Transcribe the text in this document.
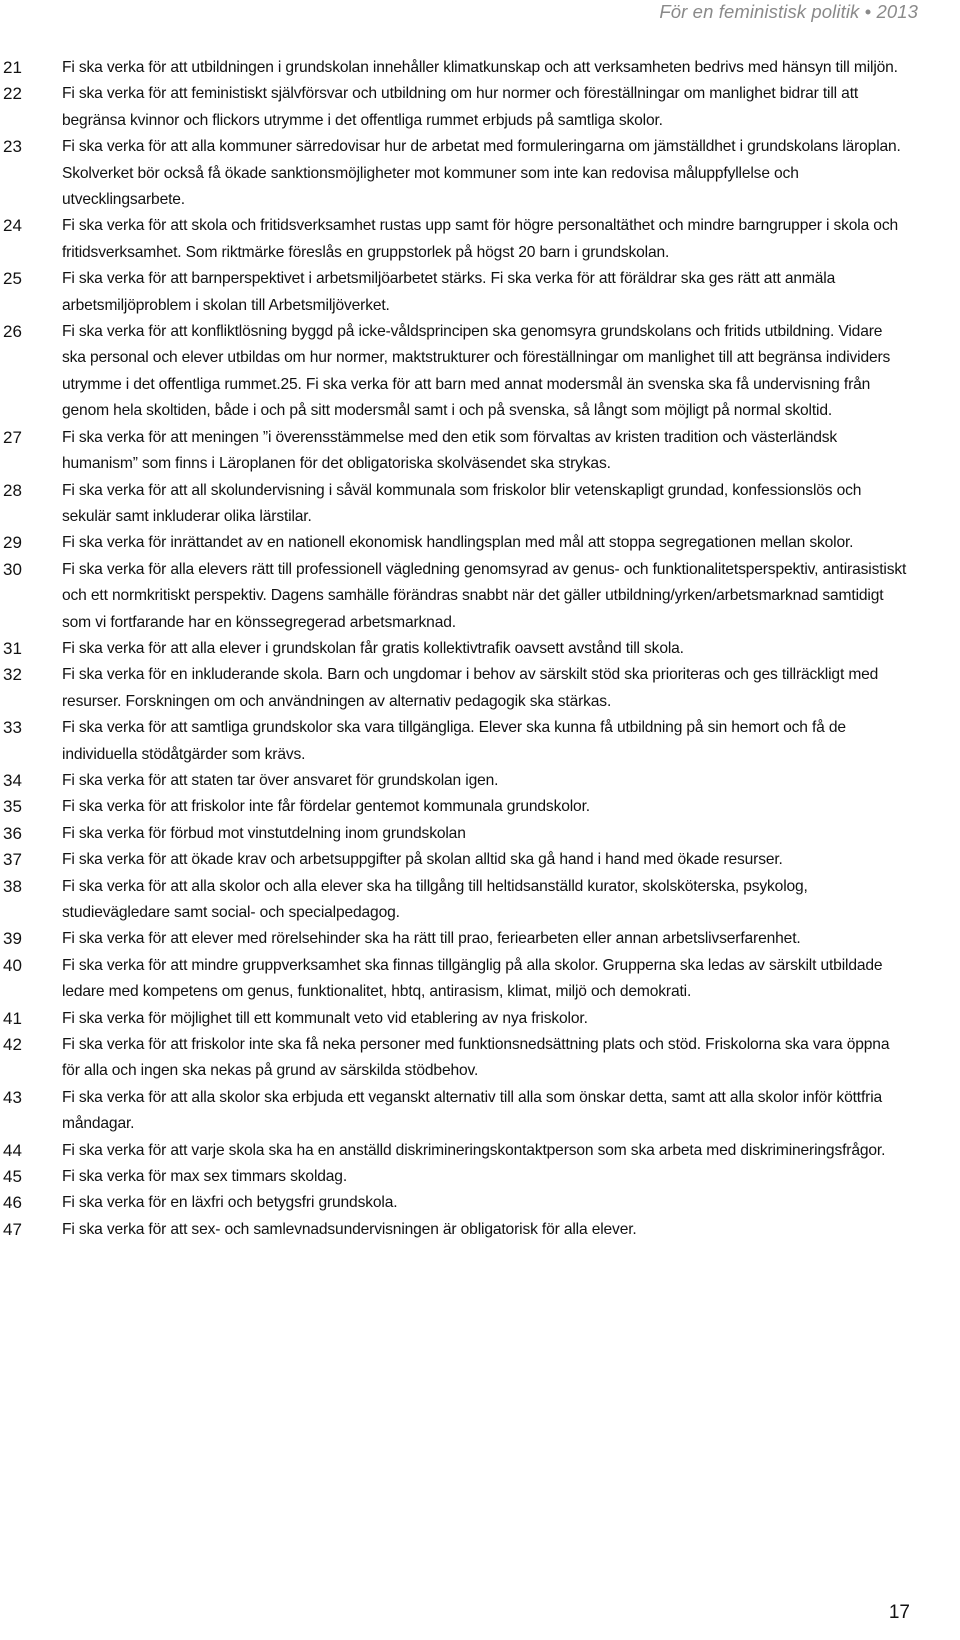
För en feministisk politik • 2013
21	Fi ska verka för att utbildningen i grundskolan innehåller klimatkunskap och att verksamheten bedrivs med hänsyn till miljön.
22	Fi ska verka för att feministiskt självförsvar och utbildning om hur normer och föreställningar om manlighet bidrar till att begränsa kvinnor och flickors utrymme i det offentliga rummet erbjuds på samtliga skolor.
23	Fi ska verka för att alla kommuner särredovisar hur de arbetat med formuleringarna om jämställdhet i grundskolans läroplan. Skolverket bör också få ökade sanktionsmöjligheter mot kommuner som inte kan redovisa måluppfyllelse och utvecklingsarbete.
24	Fi ska verka för att skola och fritidsverksamhet rustas upp samt för högre personaltäthet och mindre barngrupper i skola och fritidsverksamhet. Som riktmärke föreslås en gruppstorlek på högst 20 barn i grundskolan.
25	Fi ska verka för att barnperspektivet i arbetsmiljöarbetet stärks. Fi ska verka för att föräldrar ska ges rätt att anmäla arbetsmiljöproblem i skolan till Arbetsmiljöverket.
26	Fi ska verka för att konfliktlösning byggd på icke-våldsprincipen ska genomsyra grundskolans och fritids utbildning. Vidare ska personal och elever utbildas om hur normer, maktstrukturer och föreställningar om manlighet till att begränsa individers utrymme i det offentliga rummet.25. Fi ska verka för att barn med annat modersmål än svenska ska få undervisning från genom hela skoltiden, både i och på sitt modersmål samt i och på svenska, så långt som möjligt på normal skoltid.
27	Fi ska verka för att meningen ”i överensstämmelse med den etik som förvaltas av kristen tradition och västerländsk humanism” som finns i Läroplanen för det obligatoriska skolväsendet ska strykas.
28	Fi ska verka för att all skolundervisning i såväl kommunala som friskolor blir vetenskapligt grundad, konfessionslös och sekulär samt inkluderar olika lärstilar.
29	Fi ska verka för inrättandet av en nationell ekonomisk handlingsplan med mål att stoppa segregationen mellan skolor.
30	Fi ska verka för alla elevers rätt till professionell vägledning genomsyrad av genus- och funktionalitetsperspektiv, antirasistiskt och ett normkritiskt perspektiv. Dagens samhälle förändras snabbt när det gäller utbildning/yrken/arbetsmarknad samtidigt som vi fortfarande har en könssegregerad arbetsmarknad.
31	Fi ska verka för att alla elever i grundskolan får gratis kollektivtrafik oavsett avstånd till skola.
32	Fi ska verka för en inkluderande skola. Barn och ungdomar i behov av särskilt stöd ska prioriteras och ges tillräckligt med resurser. Forskningen om och användningen av alternativ pedagogik ska stärkas.
33	Fi ska verka för att samtliga grundskolor ska vara tillgängliga. Elever ska kunna få utbildning på sin hemort och få de individuella stödåtgärder som krävs.
34	Fi ska verka för att staten tar över ansvaret för grundskolan igen.
35	Fi ska verka för att friskolor inte får fördelar gentemot kommunala grundskolor.
36	Fi ska verka för förbud mot vinstutdelning inom grundskolan
37	Fi ska verka för att ökade krav och arbetsuppgifter på skolan alltid ska gå hand i hand med ökade resurser.
38	Fi ska verka för att alla skolor och alla elever ska ha tillgång till heltidsanställd kurator, skolsköterska, psykolog, studievägledare samt social- och specialpedagog.
39	Fi ska verka för att elever med rörelsehinder ska ha rätt till prao, feriearbeten eller annan arbetslivserfarenhet.
40	Fi ska verka för att mindre gruppverksamhet ska finnas tillgänglig på alla skolor. Grupperna ska ledas av särskilt utbildade ledare med kompetens om genus, funktionalitet, hbtq, antirasism, klimat, miljö och demokrati.
41	Fi ska verka för möjlighet till ett kommunalt veto vid etablering av nya friskolor.
42	Fi ska verka för att friskolor inte ska få neka personer med funktionsnedsättning plats och stöd. Friskolorna ska vara öppna för alla och ingen ska nekas på grund av särskilda stödbehov.
43	Fi ska verka för att alla skolor ska erbjuda ett veganskt alternativ till alla som önskar detta, samt att alla skolor inför köttfria måndagar.
44	Fi ska verka för att varje skola ska ha en anställd diskrimineringskontaktperson som ska arbeta med diskrimineringsfrågor.
45	Fi ska verka för max sex timmars skoldag.
46	Fi ska verka för en läxfri och betygsfri grundskola.
47	Fi ska verka för att sex- och samlevnadsundervisningen är obligatorisk för alla elever.
17
